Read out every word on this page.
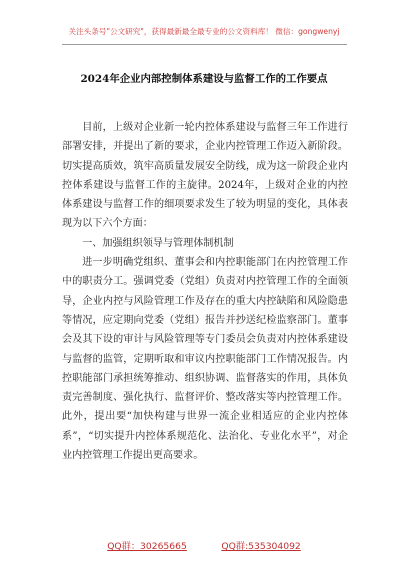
关注头条号"公文研究"，获得最新最全最专业的公文资料库！ 微信：gongwenyj
2024年企业内部控制体系建设与监督工作的工作要点

目前，上级对企业新一轮内控体系建设与监督三年工作进行部署安排，并提出了新的要求，企业内控管理工作迈入新阶段。切实提高质效，筑牢高质量发展安全防线，成为这一阶段企业内控体系建设与监督工作的主旋律。2024年，上级对企业的内控体系建设与监督工作的细项要求发生了较为明显的变化，具体表现为以下六个方面：

一、加强组织领导与管理体制机制

进一步明确党组织、董事会和内控职能部门在内控管理工作中的职责分工。强调党委（党组）负责对内控管理工作的全面领导，企业内控与风险管理工作及存在的重大内控缺陷和风险隐患等情况，应定期向党委（党组）报告并抄送纪检监察部门。董事会及其下设的审计与风险管理等专门委员会负责对内控体系建设与监督的监管，定期听取和审议内控职能部门工作情况报告。内控职能部门承担统筹推动、组织协调、监督落实的作用，具体负责完善制度、强化执行、监督评价、整改落实等内控管理工作。此外，提出要“加快构建与世界一流企业相适应的企业内控体系”，“切实提升内控体系规范化、法治化、专业化水平”，对企业内控管理工作提出更高要求。

QQ群：30265665	QQ群:535304092
